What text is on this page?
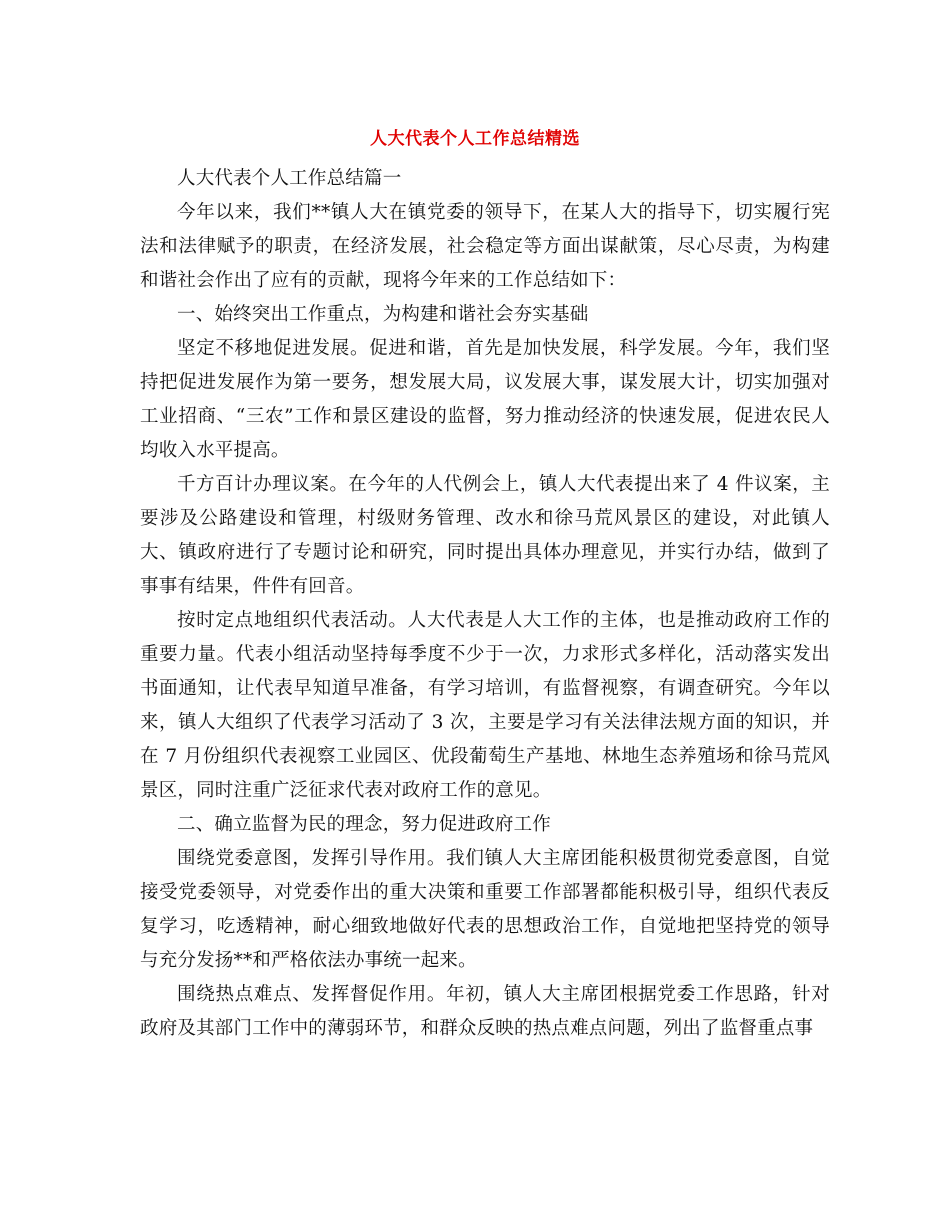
人大代表个人工作总结精选

人大代表个人工作总结篇一

今年以来，我们**镇人大在镇党委的领导下，在某人大的指导下，切实履行宪法和法律赋予的职责，在经济发展，社会稳定等方面出谋献策，尽心尽责，为构建和谐社会作出了应有的贡献，现将今年来的工作总结如下：

一、始终突出工作重点，为构建和谐社会夯实基础

坚定不移地促进发展。促进和谐，首先是加快发展，科学发展。今年，我们坚持把促进发展作为第一要务，想发展大局，议发展大事，谋发展大计，切实加强对工业招商、“三农”工作和景区建设的监督，努力推动经济的快速发展，促进农民人均收入水平提高。

千方百计办理议案。在今年的人代例会上，镇人大代表提出来了 4 件议案，主要涉及公路建设和管理，村级财务管理、改水和徐马荒风景区的建设，对此镇人大、镇政府进行了专题讨论和研究，同时提出具体办理意见，并实行办结，做到了事事有结果，件件有回音。

按时定点地组织代表活动。人大代表是人大工作的主体，也是推动政府工作的重要力量。代表小组活动坚持每季度不少于一次，力求形式多样化，活动落实发出书面通知，让代表早知道早准备，有学习培训，有监督视察，有调查研究。今年以来，镇人大组织了代表学习活动了 3 次，主要是学习有关法律法规方面的知识，并在 7 月份组织代表视察工业园区、优段葡萄生产基地、林地生态养殖场和徐马荒风景区，同时注重广泛征求代表对政府工作的意见。

二、确立监督为民的理念，努力促进政府工作

围绕党委意图，发挥引导作用。我们镇人大主席团能积极贯彻党委意图，自觉接受党委领导，对党委作出的重大决策和重要工作部署都能积极引导，组织代表反复学习，吃透精神，耐心细致地做好代表的思想政治工作，自觉地把坚持党的领导与充分发扬**和严格依法办事统一起来。

围绕热点难点、发挥督促作用。年初，镇人大主席团根据党委工作思路，针对政府及其部门工作中的薄弱环节，和群众反映的热点难点问题，列出了监督重点事
